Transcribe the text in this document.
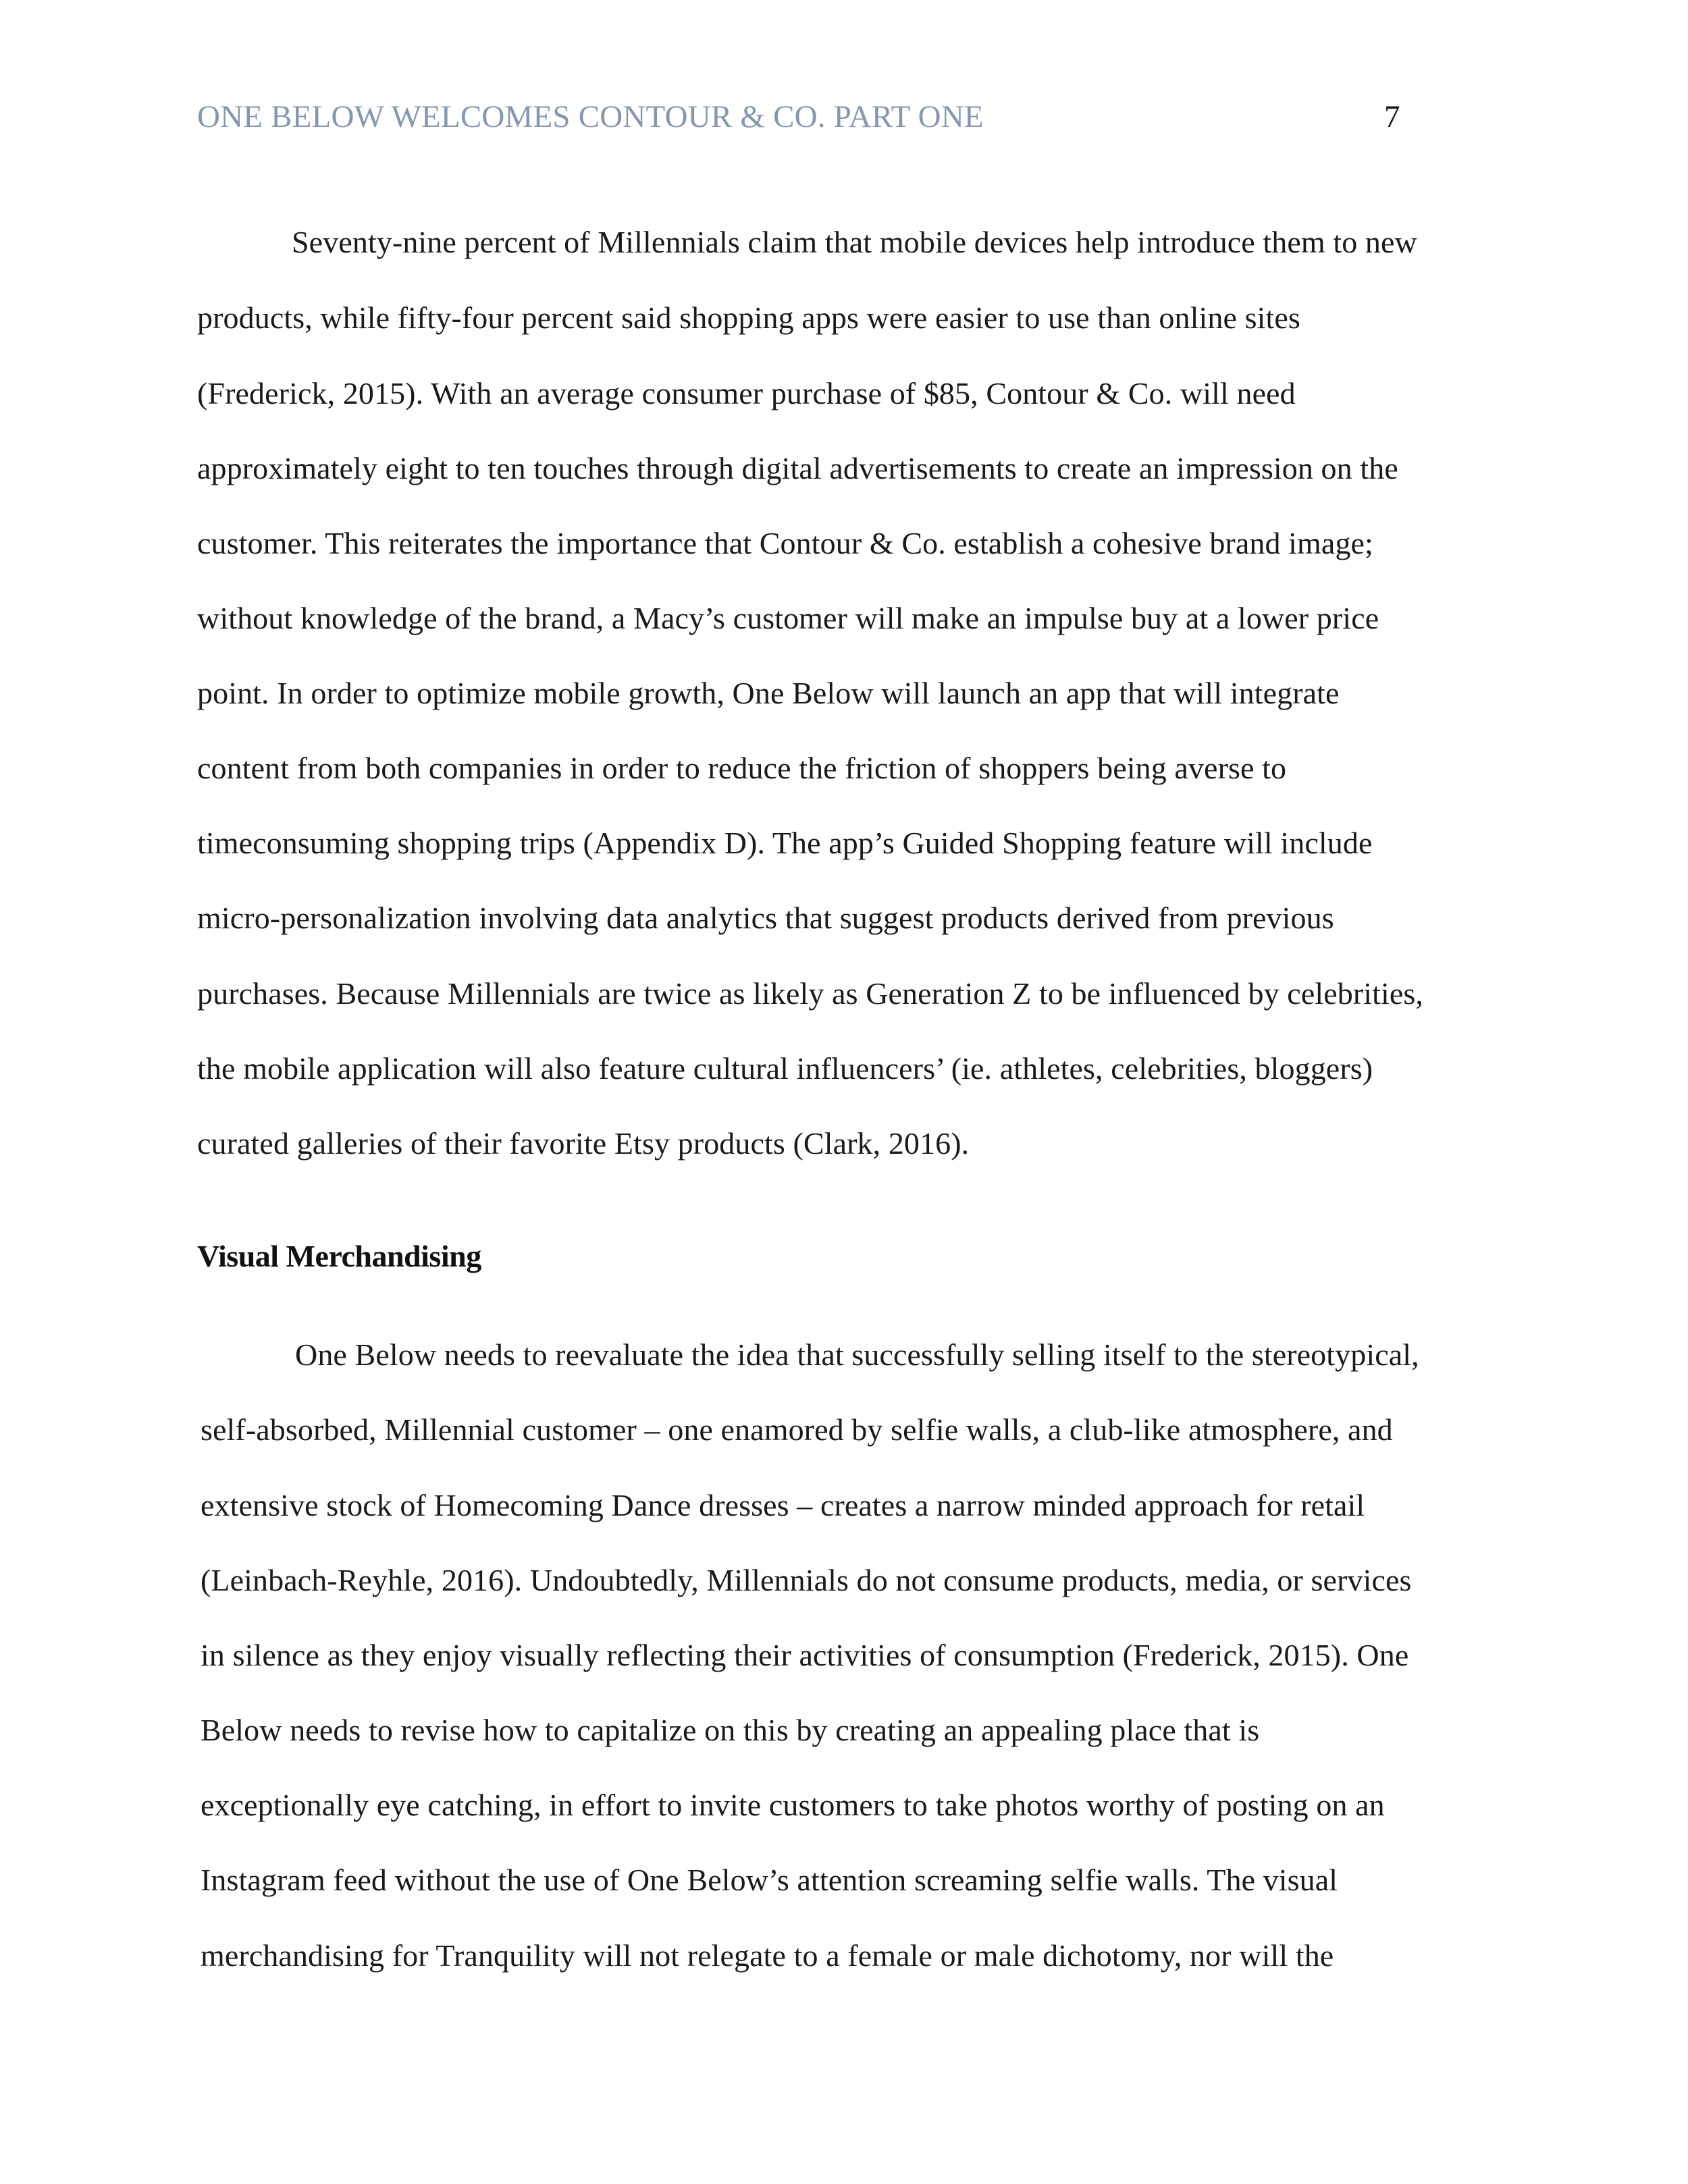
ONE BELOW WELCOMES CONTOUR & CO. PART ONE	7
Seventy-nine percent of Millennials claim that mobile devices help introduce them to new
products, while fifty-four percent said shopping apps were easier to use than online sites
(Frederick, 2015). With an average consumer purchase of $85, Contour & Co. will need
approximately eight to ten touches through digital advertisements to create an impression on the
customer. This reiterates the importance that Contour & Co. establish a cohesive brand image;
without knowledge of the brand, a Macy’s customer will make an impulse buy at a lower price
point. In order to optimize mobile growth, One Below will launch an app that will integrate
content from both companies in order to reduce the friction of shoppers being averse to
timeconsuming shopping trips (Appendix D). The app’s Guided Shopping feature will include
micro-personalization involving data analytics that suggest products derived from previous
purchases. Because Millennials are twice as likely as Generation Z to be influenced by celebrities,
the mobile application will also feature cultural influencers’ (ie. athletes, celebrities, bloggers)
curated galleries of their favorite Etsy products (Clark, 2016).
Visual Merchandising
One Below needs to reevaluate the idea that successfully selling itself to the stereotypical,
self-absorbed, Millennial customer – one enamored by selfie walls, a club-like atmosphere, and
extensive stock of Homecoming Dance dresses – creates a narrow minded approach for retail
(Leinbach-Reyhle, 2016). Undoubtedly, Millennials do not consume products, media, or services
in silence as they enjoy visually reflecting their activities of consumption (Frederick, 2015). One
Below needs to revise how to capitalize on this by creating an appealing place that is
exceptionally eye catching, in effort to invite customers to take photos worthy of posting on an
Instagram feed without the use of One Below’s attention screaming selfie walls. The visual
merchandising for Tranquility will not relegate to a female or male dichotomy, nor will the
